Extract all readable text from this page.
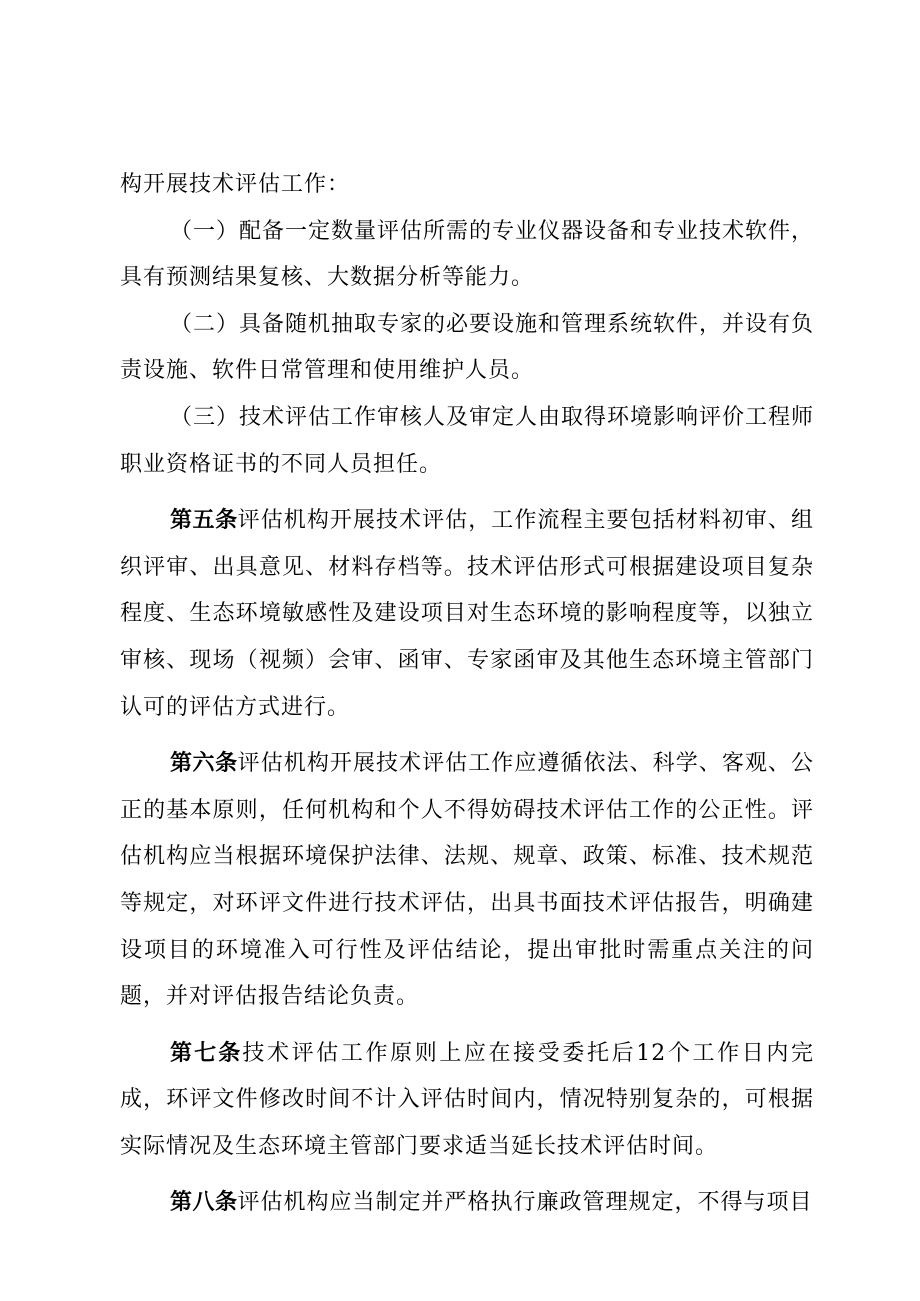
构开展技术评估工作：

（一）配备一定数量评估所需的专业仪器设备和专业技术软件，具有预测结果复核、大数据分析等能力。

（二）具备随机抽取专家的必要设施和管理系统软件，并设有负责设施、软件日常管理和使用维护人员。

（三）技术评估工作审核人及审定人由取得环境影响评价工程师职业资格证书的不同人员担任。

第五条评估机构开展技术评估，工作流程主要包括材料初审、组织评审、出具意见、材料存档等。技术评估形式可根据建设项目复杂程度、生态环境敏感性及建设项目对生态环境的影响程度等，以独立审核、现场（视频）会审、函审、专家函审及其他生态环境主管部门认可的评估方式进行。

第六条评估机构开展技术评估工作应遵循依法、科学、客观、公正的基本原则，任何机构和个人不得妨碍技术评估工作的公正性。评估机构应当根据环境保护法律、法规、规章、政策、标准、技术规范等规定，对环评文件进行技术评估，出具书面技术评估报告，明确建设项目的环境准入可行性及评估结论，提出审批时需重点关注的问题，并对评估报告结论负责。

第七条技术评估工作原则上应在接受委托后12个工作日内完成，环评文件修改时间不计入评估时间内，情况特别复杂的，可根据实际情况及生态环境主管部门要求适当延长技术评估时间。

第八条评估机构应当制定并严格执行廉政管理规定，不得与项目
